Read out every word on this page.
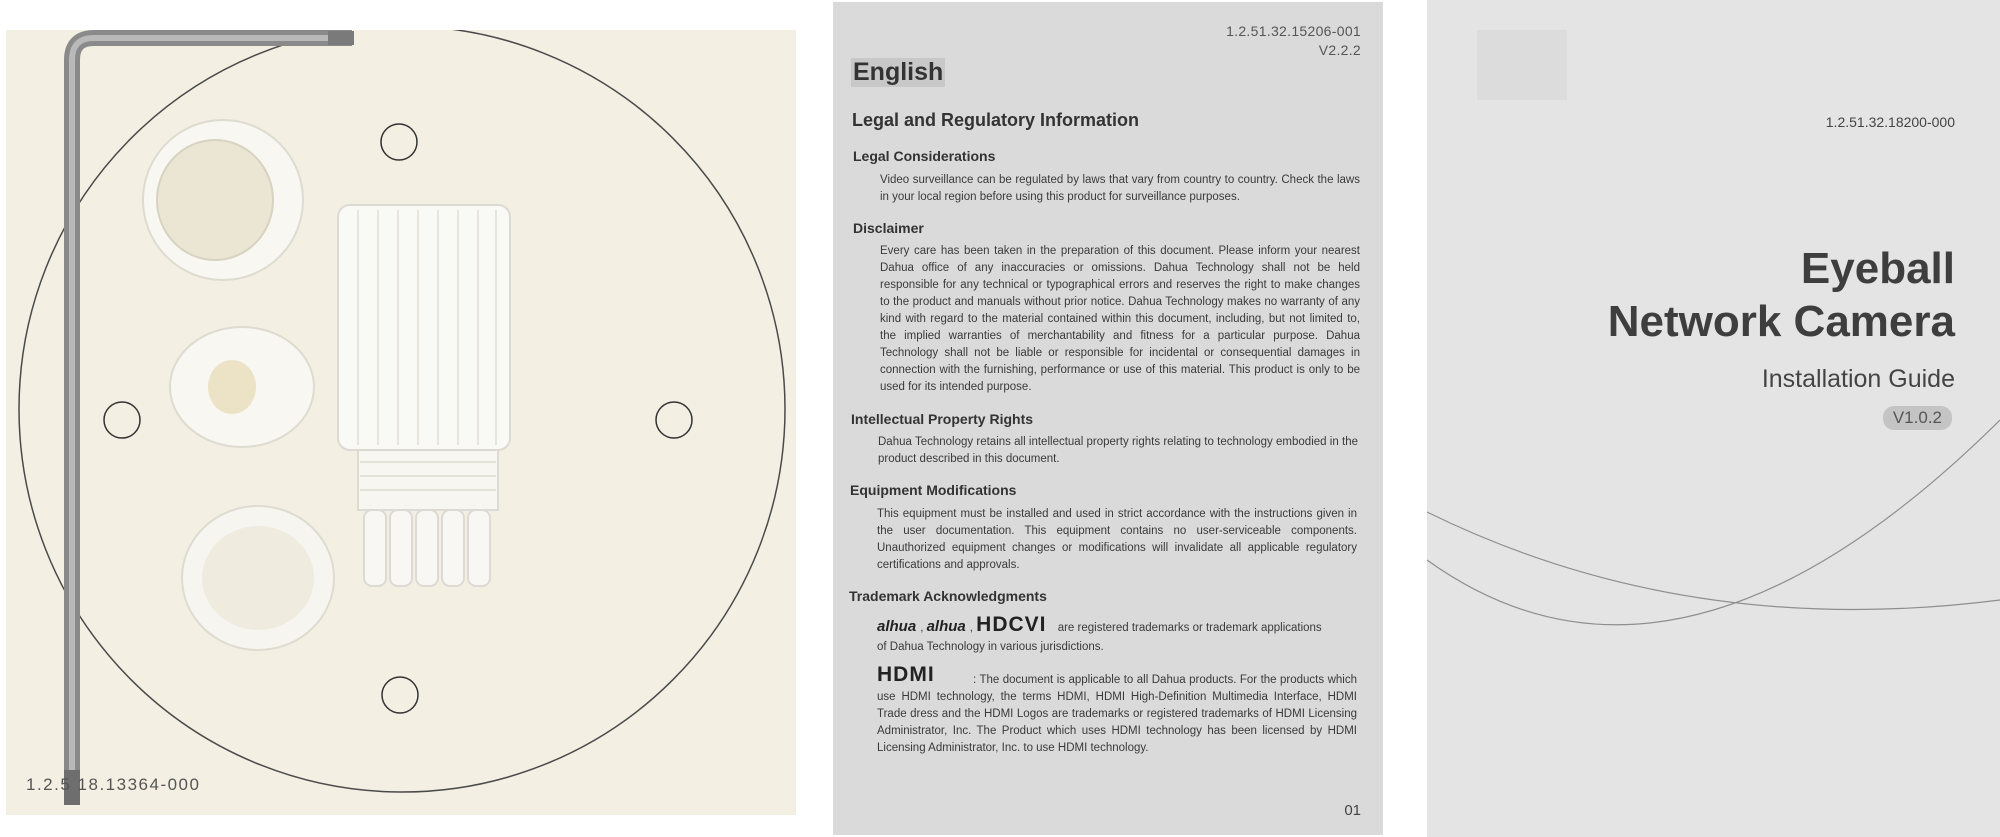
1.2.5 18.13364-000
1.2.51.32.15206-001
V2.2.2
English
Legal and Regulatory Information
Legal Considerations
Video surveillance can be regulated by laws that vary from country to country. Check the laws in your local region before using this product for surveillance purposes.
Disclaimer
Every care has been taken in the preparation of this document. Please inform your nearest Dahua office of any inaccuracies or omissions. Dahua Technology shall not be held responsible for any technical or typographical errors and reserves the right to make changes to the product and manuals without prior notice. Dahua Technology makes no warranty of any kind with regard to the material contained within this document, including, but not limited to, the implied warranties of merchantability and fitness for a particular purpose. Dahua Technology shall not be liable or responsible for incidental or consequential damages in connection with the furnishing, performance or use of this material. This product is only to be used for its intended purpose.
Intellectual Property Rights
Dahua Technology retains all intellectual property rights relating to technology embodied in the product described in this document.
Equipment Modifications
This equipment must be installed and used in strict accordance with the instructions given in the user documentation. This equipment contains no user-serviceable components. Unauthorized equipment changes or modifications will invalidate all applicable regulatory certifications and approvals.
Trademark Acknowledgments
alhua , alhua , HDCVI are registered trademarks or trademark applications
of Dahua Technology in various jurisdictions.
HDMI	: The document is applicable to all Dahua products. For the products which use HDMI technology, the terms HDMI, HDMI High-Definition Multimedia Interface, HDMI Trade dress and the HDMI Logos are trademarks or registered trademarks of HDMI Licensing Administrator, Inc. The Product which uses HDMI technology has been licensed by HDMI Licensing Administrator, Inc. to use HDMI technology.
01
1.2.51.32.18200-000
Eyeball
Network Camera
Installation Guide
V1.0.2
